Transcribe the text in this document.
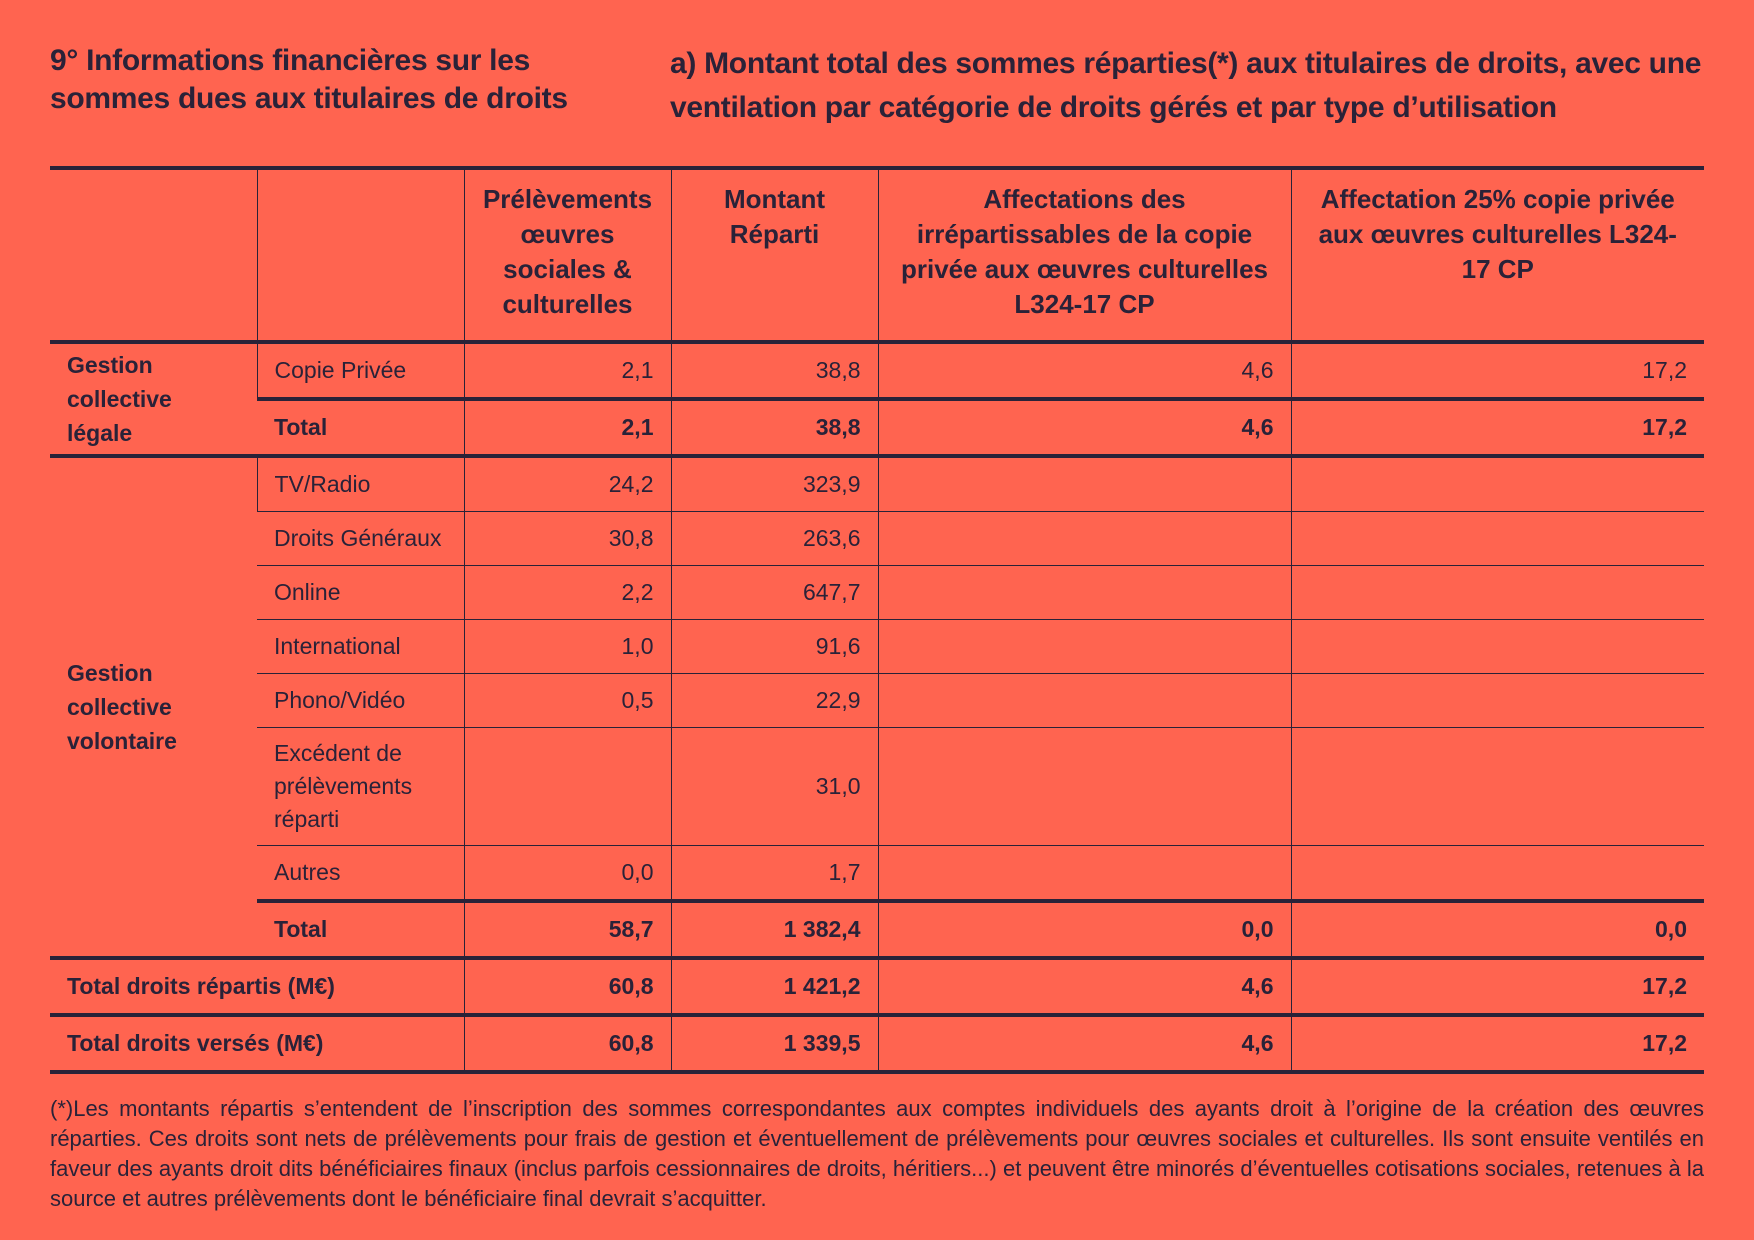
9° Informations financières sur les sommes dues aux titulaires de droits
a) Montant total des sommes réparties(*) aux titulaires de droits, avec une ventilation par catégorie de droits gérés et par type d’utilisation
		Prélèvements œuvres sociales & culturelles	Montant Réparti	Affectations des irrépartissables de la copie privée aux œuvres culturelles L324-17 CP	Affectation 25% copie privée aux œuvres culturelles L324-17 CP
Gestion collective légale	Copie Privée	2,1	38,8	4,6	17,2
	Total	2,1	38,8	4,6	17,2
Gestion collective volontaire	TV/Radio	24,2	323,9		
	Droits Généraux	30,8	263,6		
	Online	2,2	647,7		
	International	1,0	91,6		
	Phono/Vidéo	0,5	22,9		
	Excédent de prélèvements réparti		31,0		
	Autres	0,0	1,7		
	Total	58,7	1 382,4	0,0	0,0
Total droits répartis (M€)		60,8	1 421,2	4,6	17,2
Total droits versés (M€)		60,8	1 339,5	4,6	17,2

(*)Les montants répartis s’entendent de l’inscription des sommes correspondantes aux comptes individuels des ayants droit à l’origine de la création des œuvres réparties. Ces droits sont nets de prélèvements pour frais de gestion et éventuellement de prélèvements pour œuvres sociales et culturelles. Ils sont ensuite ventilés en faveur des ayants droit dits bénéficiaires finaux (inclus parfois cessionnaires de droits, héritiers...) et peuvent être minorés d’éventuelles cotisations sociales, retenues à la source et autres prélèvements dont le bénéficiaire final devrait s’acquitter.
